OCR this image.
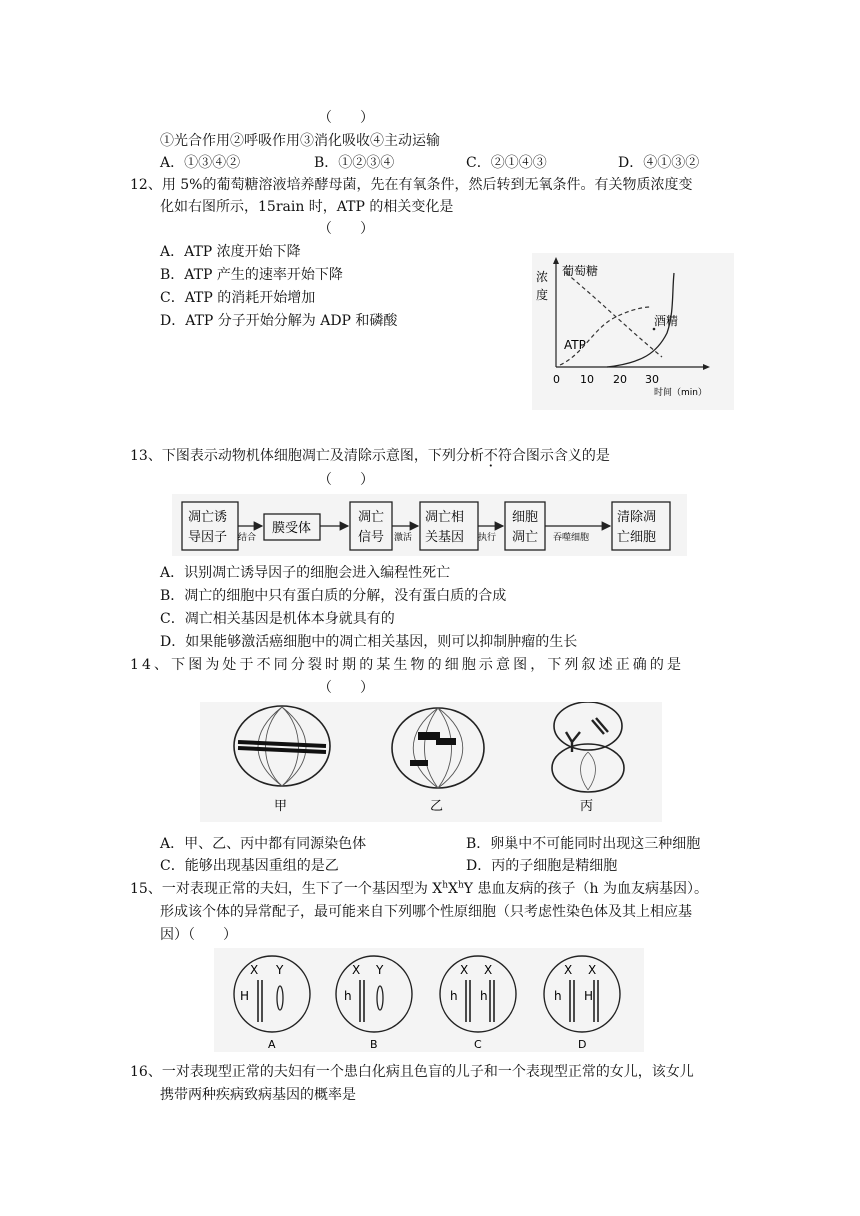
（　　）
①光合作用②呼吸作用③消化吸收④主动运输
A．①③④②	B．①②③④	C．②①④③	D．④①③②
12、用 5%的葡萄糖溶液培养酵母菌，先在有氧条件，然后转到无氧条件。有关物质浓度变
化如右图所示，15rain 时，ATP 的相关变化是
（　　）
A．ATP 浓度开始下降
B．ATP 产生的速率开始下降
C．ATP 的消耗开始增加
D．ATP 分子开始分解为 ADP 和磷酸
浓
度
葡萄糖
酒精
ATP
0 10 20 30
时间（min）
13、下图表示动物机体细胞凋亡及清除示意图，下列分析不符合图示含义的是
（　　）
凋亡诱
导因子 结合
膜受体
凋亡
信号 激活
凋亡相
关基因 执行
细胞
凋亡 吞噬细胞
清除凋
亡细胞
A．识别凋亡诱导因子的细胞会进入编程性死亡
B．凋亡的细胞中只有蛋白质的分解，没有蛋白质的合成
C．凋亡相关基因是机体本身就具有的
D．如果能够激活癌细胞中的凋亡相关基因，则可以抑制肿瘤的生长
14、下图为处于不同分裂时期的某生物的细胞示意图，下列叙述正确的是
（　　）
甲	乙	丙
A．甲、乙、丙中都有同源染色体	B．卵巢中不可能同时出现这三种细胞
C．能够出现基因重组的是乙	D．丙的子细胞是精细胞
15、一对表现正常的夫妇，生下了一个基因型为 $X^hX^hY$ 患血友病的孩子（h 为血友病基因）。
形成该个体的异常配子，最可能来自下列哪个性原细胞（只考虑性染色体及其上相应基
因）（　　）
X Y
H
A
X Y
h
B
X X
h h
C
X X
h H
D
16、一对表现型正常的夫妇有一个患白化病且色盲的儿子和一个表现型正常的女儿，该女儿
携带两种疾病致病基因的概率是
